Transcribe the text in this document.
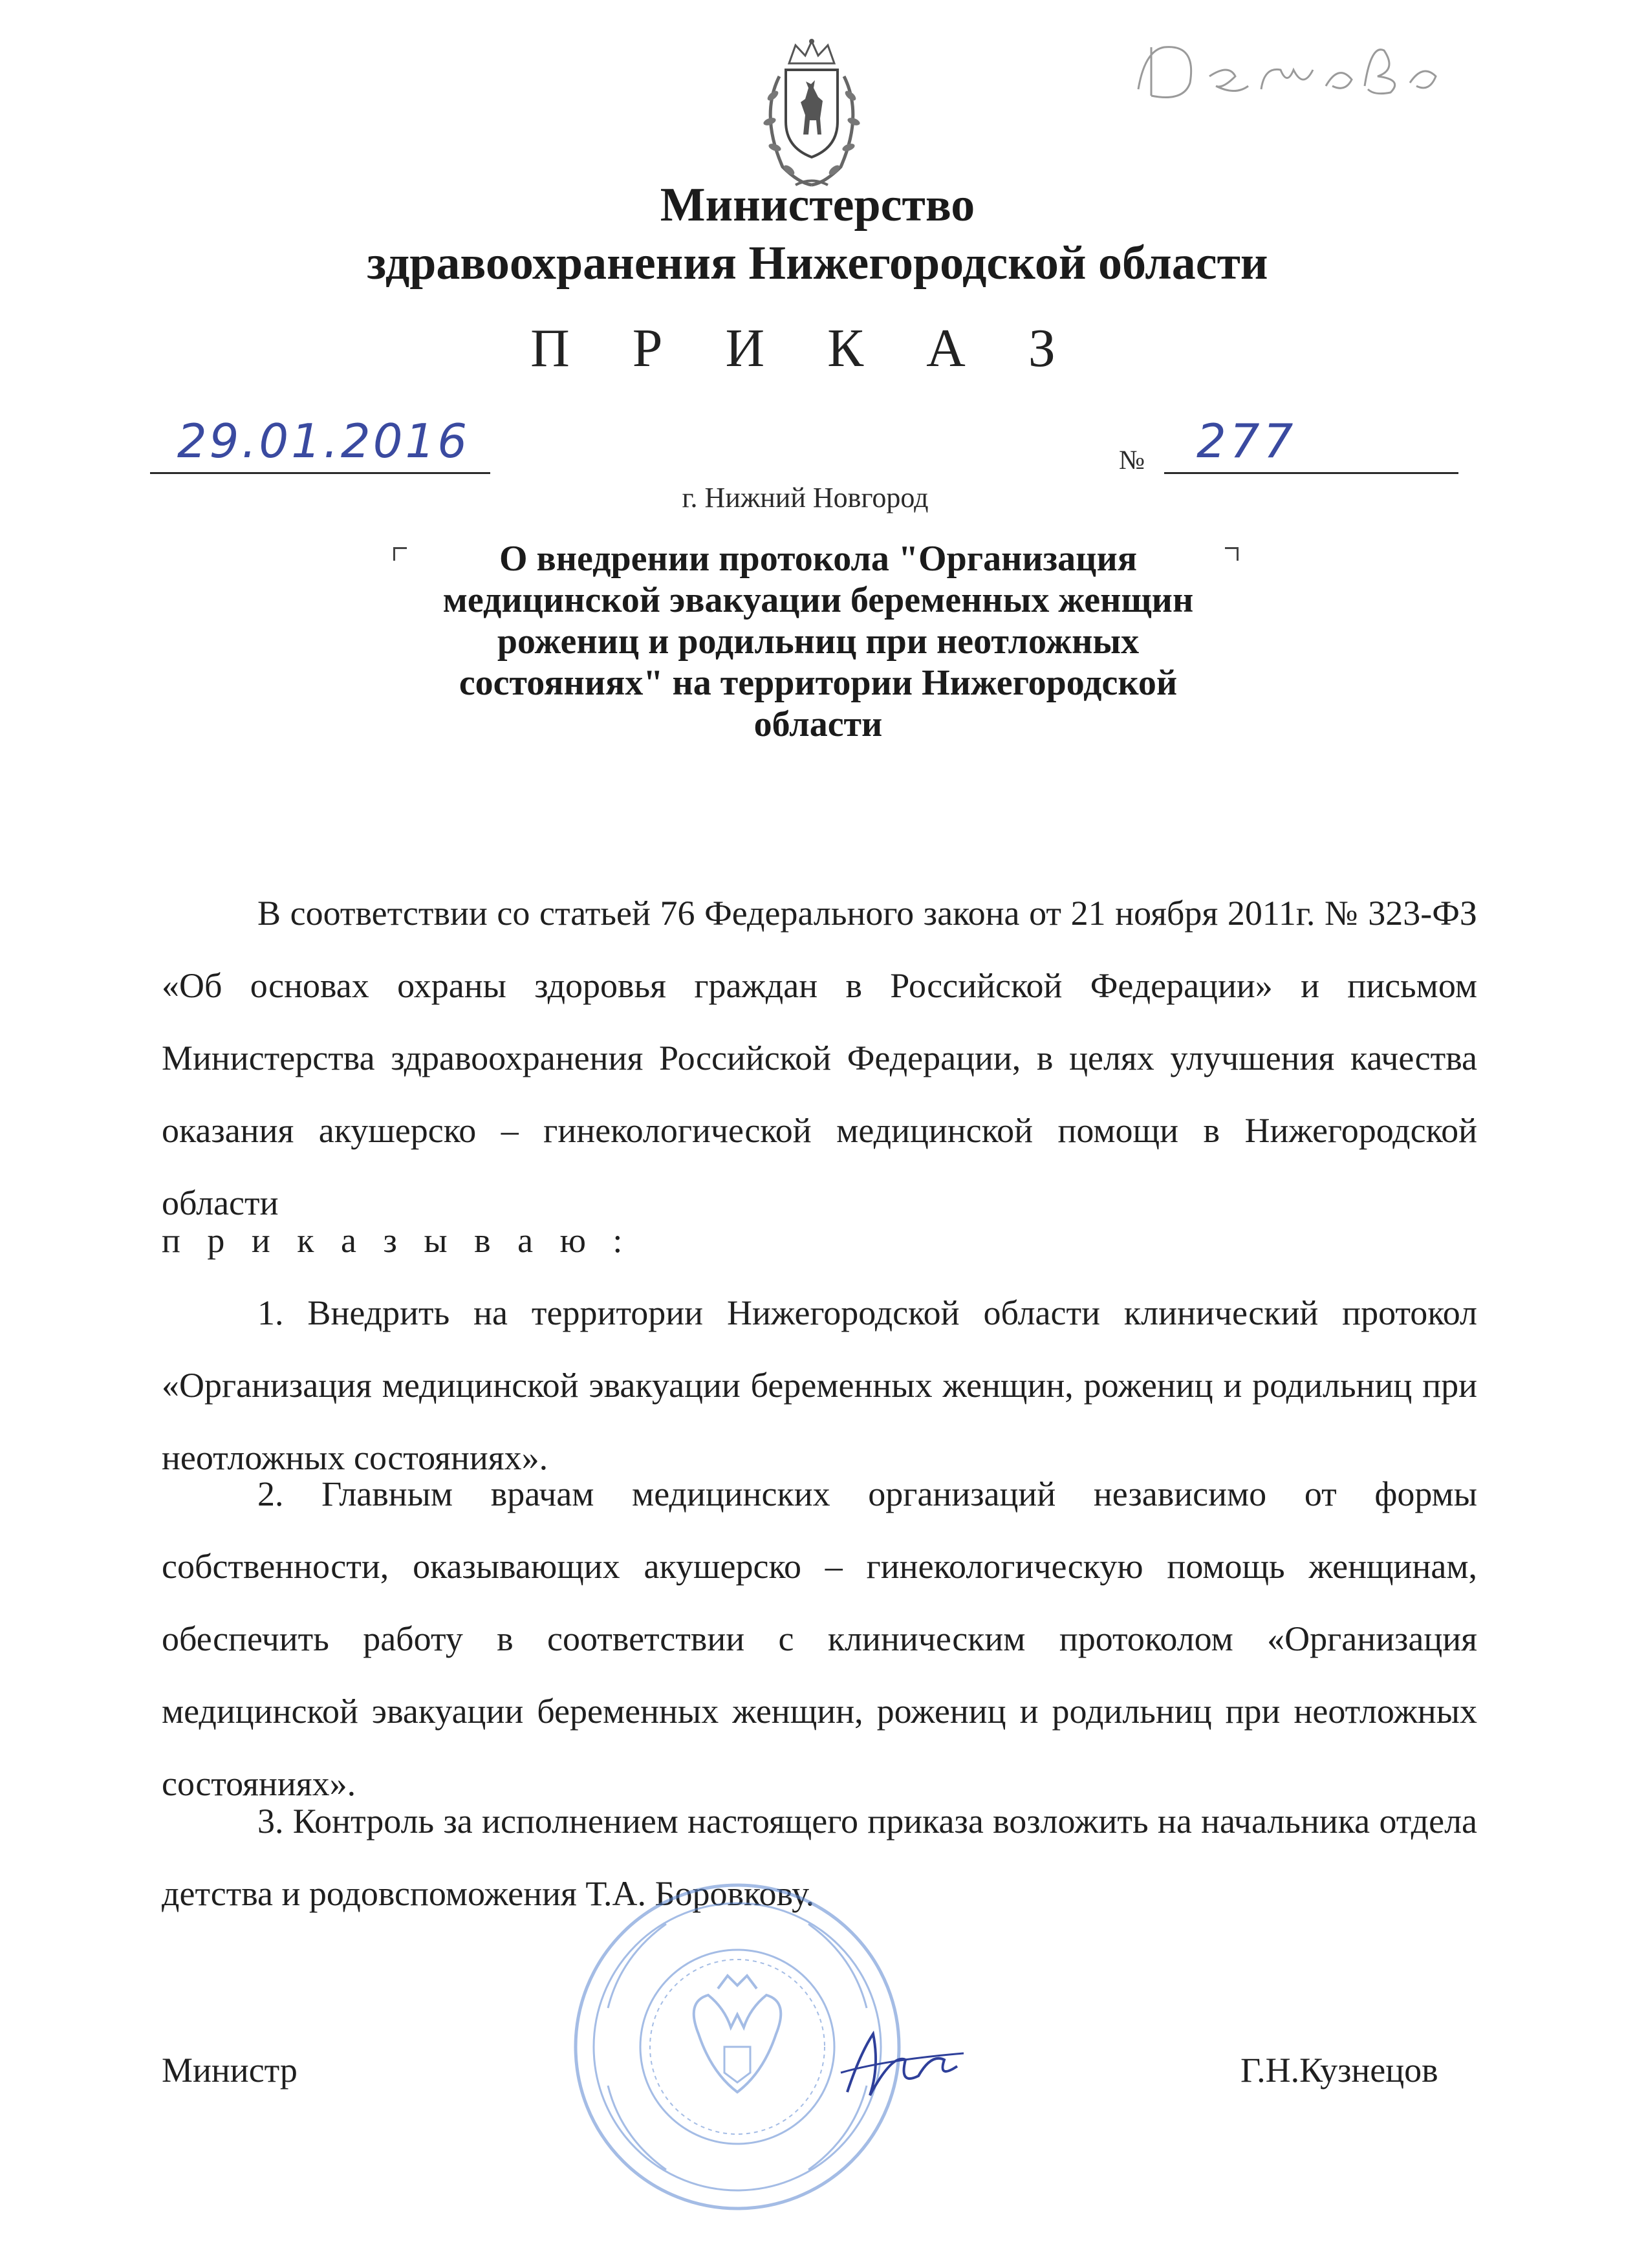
Министерство
здравоохранения Нижегородской области
П Р И К А З
29.01.2016	№ 277
г. Нижний Новгород
О внедрении протокола "Организация
медицинской эвакуации беременных женщин
рожениц и родильниц при неотложных
состояниях" на территории Нижегородской
области
В соответствии со статьей 76 Федерального закона от 21 ноября 2011г. № 323-ФЗ «Об основах охраны здоровья граждан в Российской Федерации» и письмом Министерства здравоохранения Российской Федерации, в целях улучшения качества оказания акушерско – гинекологической медицинской помощи в Нижегородской области
п р и к а з ы в а ю :
1. Внедрить на территории Нижегородской области клинический протокол «Организация медицинской эвакуации беременных женщин, рожениц и родильниц при неотложных состояниях».
2. Главным врачам медицинских организаций независимо от формы собственности, оказывающих акушерско – гинекологическую помощь женщинам, обеспечить работу в соответствии с клиническим протоколом «Организация медицинской эвакуации беременных женщин, рожениц и родильниц при неотложных состояниях».
3. Контроль за исполнением настоящего приказа возложить на начальника отдела детства и родовспоможения Т.А. Боровкову.
Министр	Г.Н.Кузнецов
